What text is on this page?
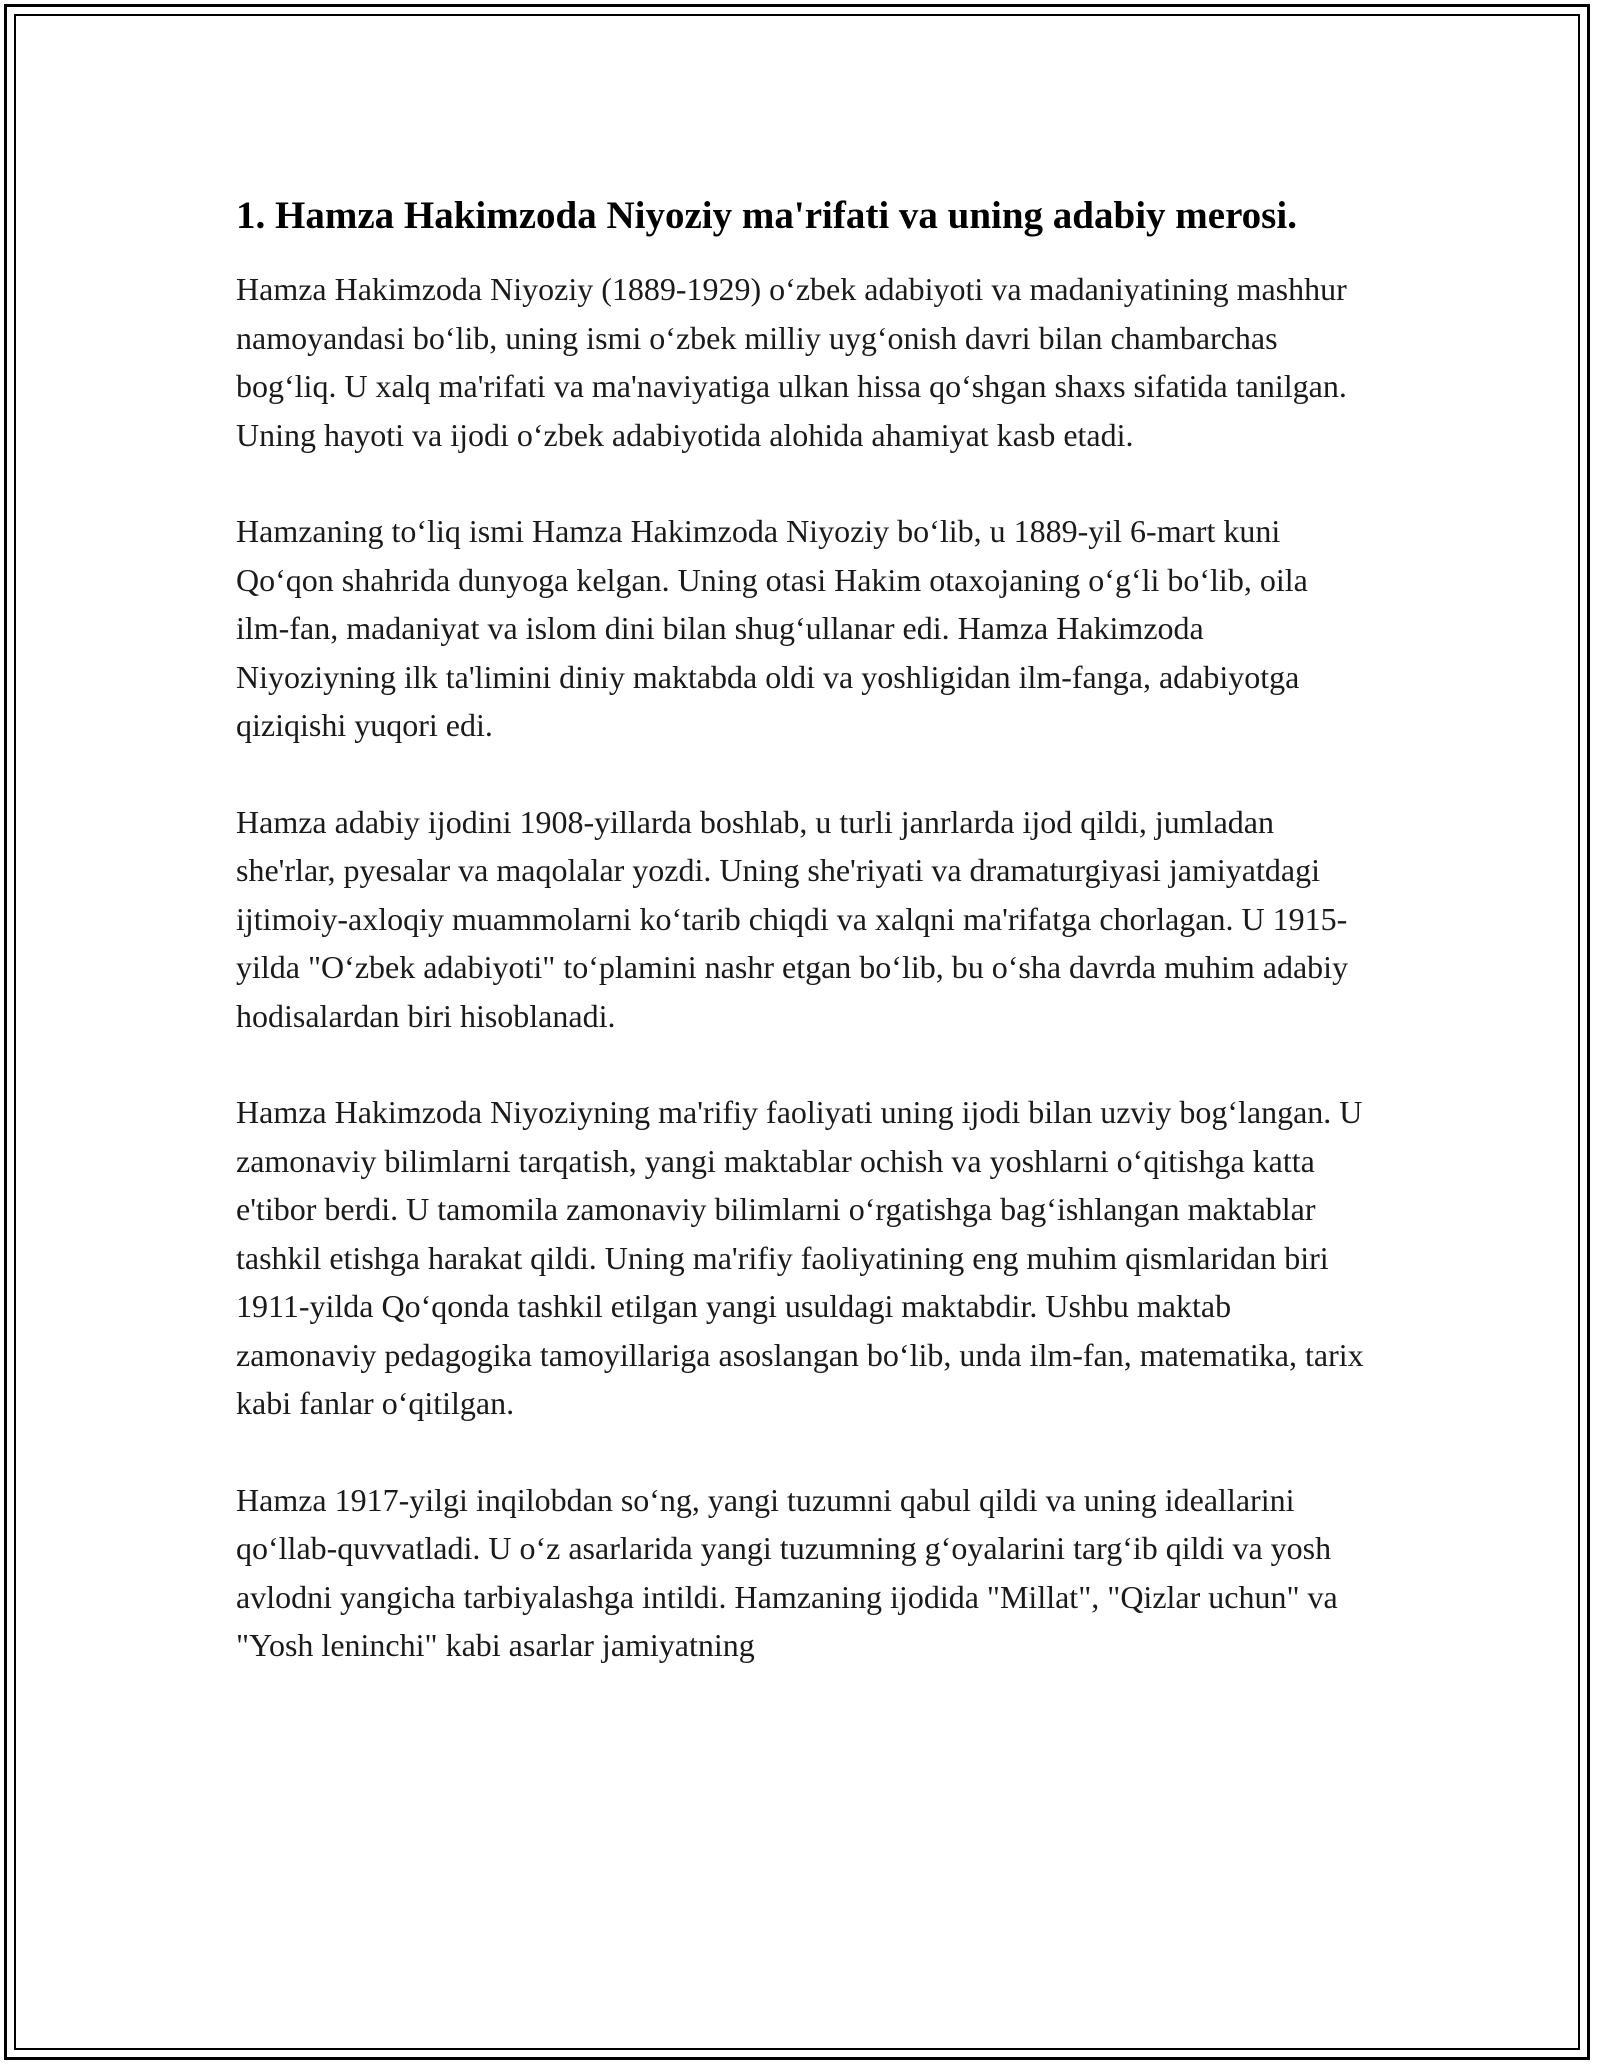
1. Hamza Hakimzoda Niyoziy ma'rifati va uning adabiy merosi.

Hamza Hakimzoda Niyoziy (1889-1929) o‘zbek adabiyoti va madaniyatining mashhur namoyandasi bo‘lib, uning ismi o‘zbek milliy uyg‘onish davri bilan chambarchas bog‘liq. U xalq ma'rifati va ma'naviyatiga ulkan hissa qo‘shgan shaxs sifatida tanilgan. Uning hayoti va ijodi o‘zbek adabiyotida alohida ahamiyat kasb etadi.

Hamzaning to‘liq ismi Hamza Hakimzoda Niyoziy bo‘lib, u 1889-yil 6-mart kuni Qo‘qon shahrida dunyoga kelgan. Uning otasi Hakim otaxojaning o‘g‘li bo‘lib, oila ilm-fan, madaniyat va islom dini bilan shug‘ullanar edi. Hamza Hakimzoda Niyoziyning ilk ta'limini diniy maktabda oldi va yoshligidan ilm-fanga, adabiyotga qiziqishi yuqori edi.

Hamza adabiy ijodini 1908-yillarda boshlab, u turli janrlarda ijod qildi, jumladan she'rlar, pyesalar va maqolalar yozdi. Uning she'riyati va dramaturgiyasi jamiyatdagi ijtimoiy-axloqiy muammolarni ko‘tarib chiqdi va xalqni ma'rifatga chorlagan. U 1915-yilda "O‘zbek adabiyoti" to‘plamini nashr etgan bo‘lib, bu o‘sha davrda muhim adabiy hodisalardan biri hisoblanadi.

Hamza Hakimzoda Niyoziyning ma'rifiy faoliyati uning ijodi bilan uzviy bog‘langan. U zamonaviy bilimlarni tarqatish, yangi maktablar ochish va yoshlarni o‘qitishga katta e'tibor berdi. U tamomila zamonaviy bilimlarni o‘rgatishga bag‘ishlangan maktablar tashkil etishga harakat qildi. Uning ma'rifiy faoliyatining eng muhim qismlaridan biri 1911-yilda Qo‘qonda tashkil etilgan yangi usuldagi maktabdir. Ushbu maktab zamonaviy pedagogika tamoyillariga asoslangan bo‘lib, unda ilm-fan, matematika, tarix kabi fanlar o‘qitilgan.

Hamza 1917-yilgi inqilobdan so‘ng, yangi tuzumni qabul qildi va uning ideallarini qo‘llab-quvvatladi. U o‘z asarlarida yangi tuzumning g‘oyalarini targ‘ib qildi va yosh avlodni yangicha tarbiyalashga intildi. Hamzaning ijodida "Millat", "Qizlar uchun" va "Yosh leninchi" kabi asarlar jamiyatning
